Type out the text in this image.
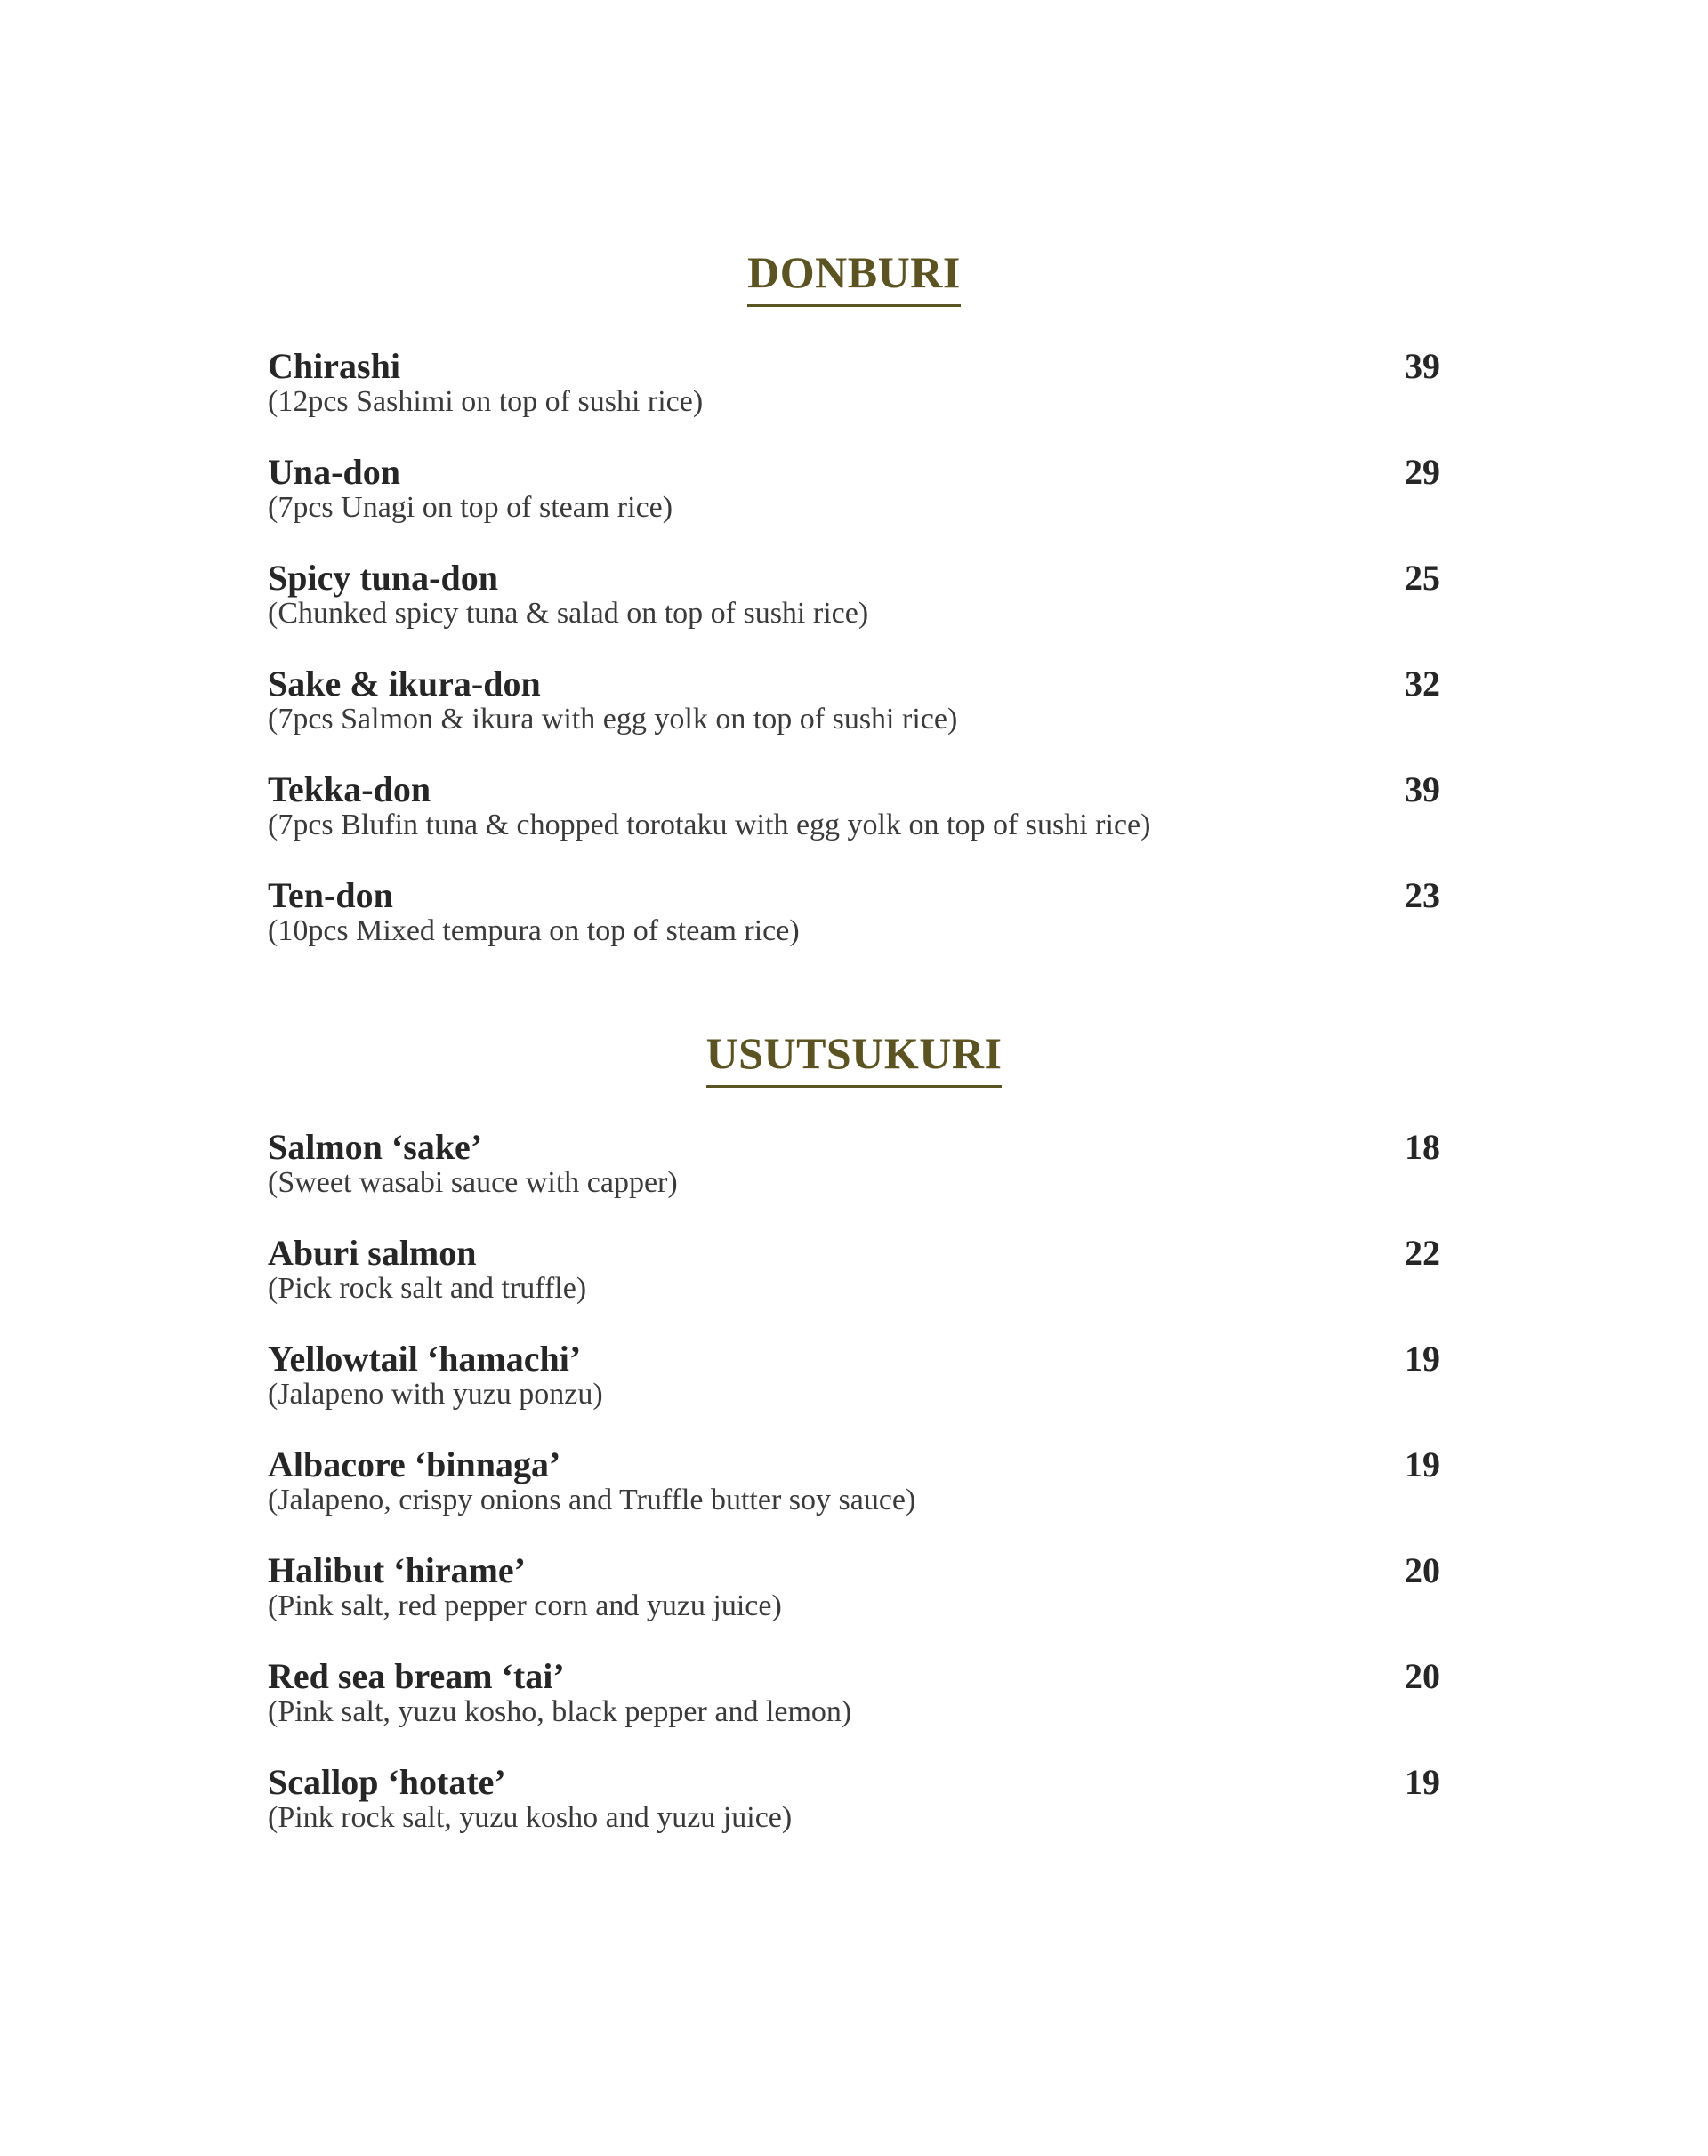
DONBURI
Chirashi	39
(12pcs Sashimi on top of sushi rice)
Una-don	29
(7pcs Unagi on top of steam rice)
Spicy tuna-don	25
(Chunked spicy tuna & salad on top of sushi rice)
Sake & ikura-don	32
(7pcs Salmon & ikura with egg yolk on top of sushi rice)
Tekka-don	39
(7pcs Blufin tuna & chopped torotaku with egg yolk on top of sushi rice)
Ten-don	23
(10pcs Mixed tempura on top of steam rice)
USUTSUKURI
Salmon ‘sake’	18
(Sweet wasabi sauce with capper)
Aburi salmon	22
(Pick rock salt and truffle)
Yellowtail ‘hamachi’	19
(Jalapeno with yuzu ponzu)
Albacore ‘binnaga’	19
(Jalapeno, crispy onions and Truffle butter soy sauce)
Halibut ‘hirame’	20
(Pink salt, red pepper corn and yuzu juice)
Red sea bream ‘tai’	20
(Pink salt, yuzu kosho, black pepper and lemon)
Scallop ‘hotate’	19
(Pink rock salt, yuzu kosho and yuzu juice)
